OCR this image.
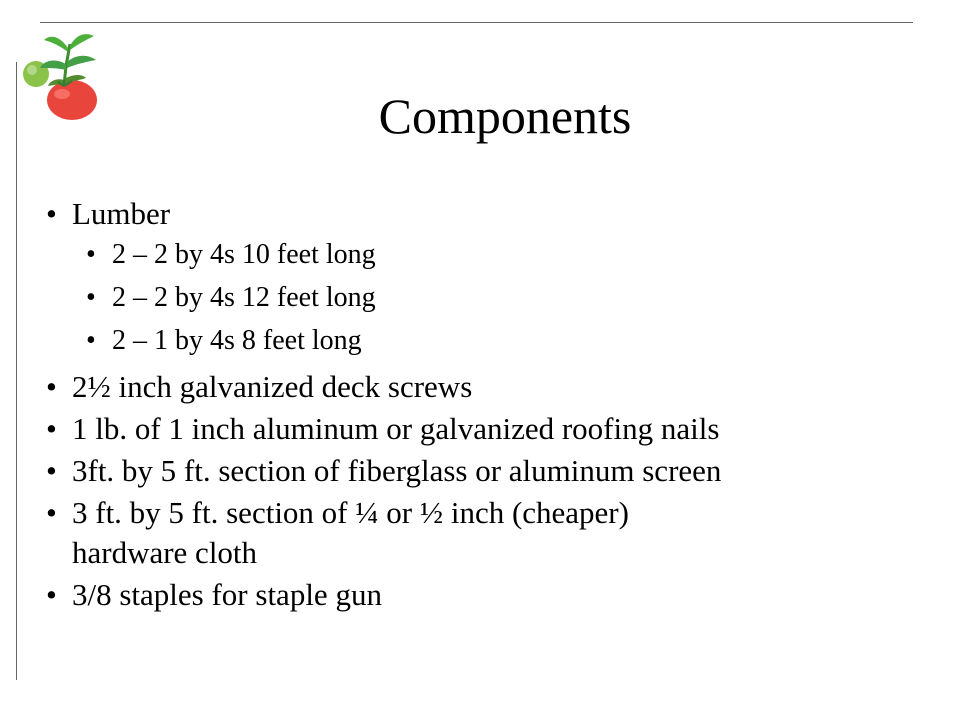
Components
• Lumber
• 2 – 2 by 4s 10 feet long
• 2 – 2 by 4s 12 feet long
• 2 – 1 by 4s 8 feet long
• 2½ inch galvanized deck screws
• 1 lb. of 1 inch aluminum or galvanized roofing nails
• 3ft. by 5 ft. section of fiberglass or aluminum screen
• 3 ft. by 5 ft. section of ¼ or ½ inch (cheaper)
hardware cloth
• 3/8 staples for staple gun
